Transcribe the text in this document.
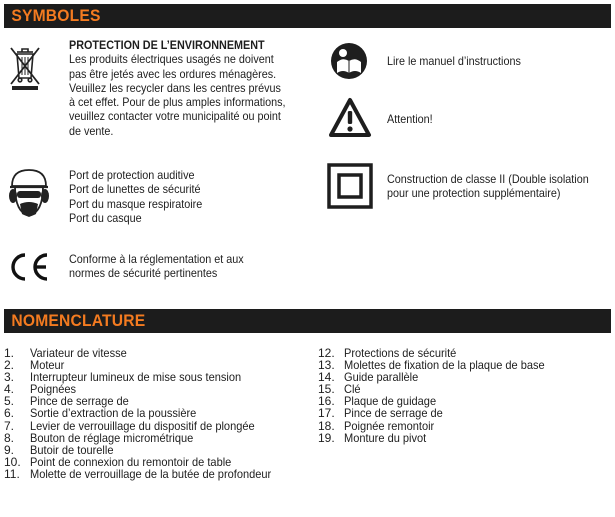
SYMBOLES
PROTECTION DE L’ENVIRONNEMENT
Les produits électriques usagés ne doivent
pas être jetés avec les ordures ménagères.
Veuillez les recycler dans les centres prévus
à cet effet. Pour de plus amples informations,
veuillez contacter votre municipalité ou point
de vente.
Port de protection auditive
Port de lunettes de sécurité
Port du masque respiratoire
Port du casque
Conforme à la réglementation et aux
normes de sécurité pertinentes
Lire le manuel d’instructions
Attention!
Construction de classe II (Double isolation
pour une protection supplémentaire)
NOMENCLATURE
1.	Variateur de vitesse
2.	Moteur
3.	Interrupteur lumineux de mise sous tension
4.	Poignées
5.	Pince de serrage de
6.	Sortie d’extraction de la poussière
7.	Levier de verrouillage du dispositif de plongée
8.	Bouton de réglage micrométrique
9.	Butoir de tourelle
10. Point de connexion du remontoir de table
11. Molette de verrouillage de la butée de profondeur
12. Protections de sécurité
13. Molettes de fixation de la plaque de base
14. Guide parallèle
15. Clé
16. Plaque de guidage
17. Pince de serrage de
18. Poignée remontoir
19. Monture du pivot
